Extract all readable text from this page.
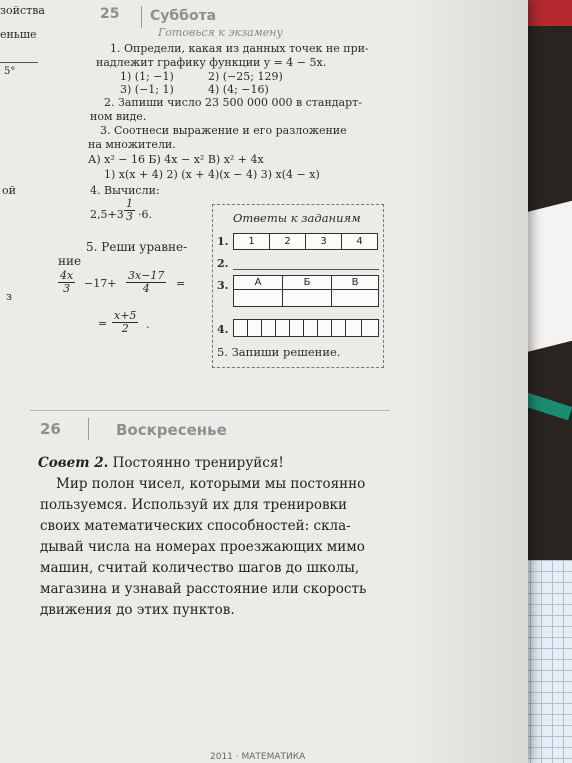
зойства
еньше
5°
ой
з
25 Суббота
Готовься к экзамену
1. Определи, какая из данных точек не при-
надлежит графику функции y = 4 − 5x.
1) (1; −1)	2) (−25; 129)
3) (−1; 1)	4) (4; −16)
2. Запиши число 23 500 000 000 в стандарт-
ном виде.
3. Соотнеси выражение и его разложение
на множители.
А) x² − 16 Б) 4x − x² В) x² + 4x
1) x(x + 4) 2) (x + 4)(x − 4) 3) x(4 − x)
4. Вычисли:
$2,5+3 \frac{1}{3} \cdot 6$.
5. Реши уравне-
ние
$\frac{4x}{3} -17+ \frac{3x-17}{4}$ =
= $\frac{x+5}{2}$ .
Ответы к заданиям
1.	1	2	3	4
2.
3.	А	Б	В
4.
5. Запиши решение.
26	Воскресенье
Совет 2. Постоянно тренируйся!
Мир полон чисел, которыми мы постоянно
пользуемся. Используй их для тренировки
своих математических способностей: скла-
дывай числа на номерах проезжающих мимо
машин, считай количество шагов до школы,
магазина и узнавай расстояние или скорость
движения до этих пунктов.
2011 · МАТЕМАТИКА
